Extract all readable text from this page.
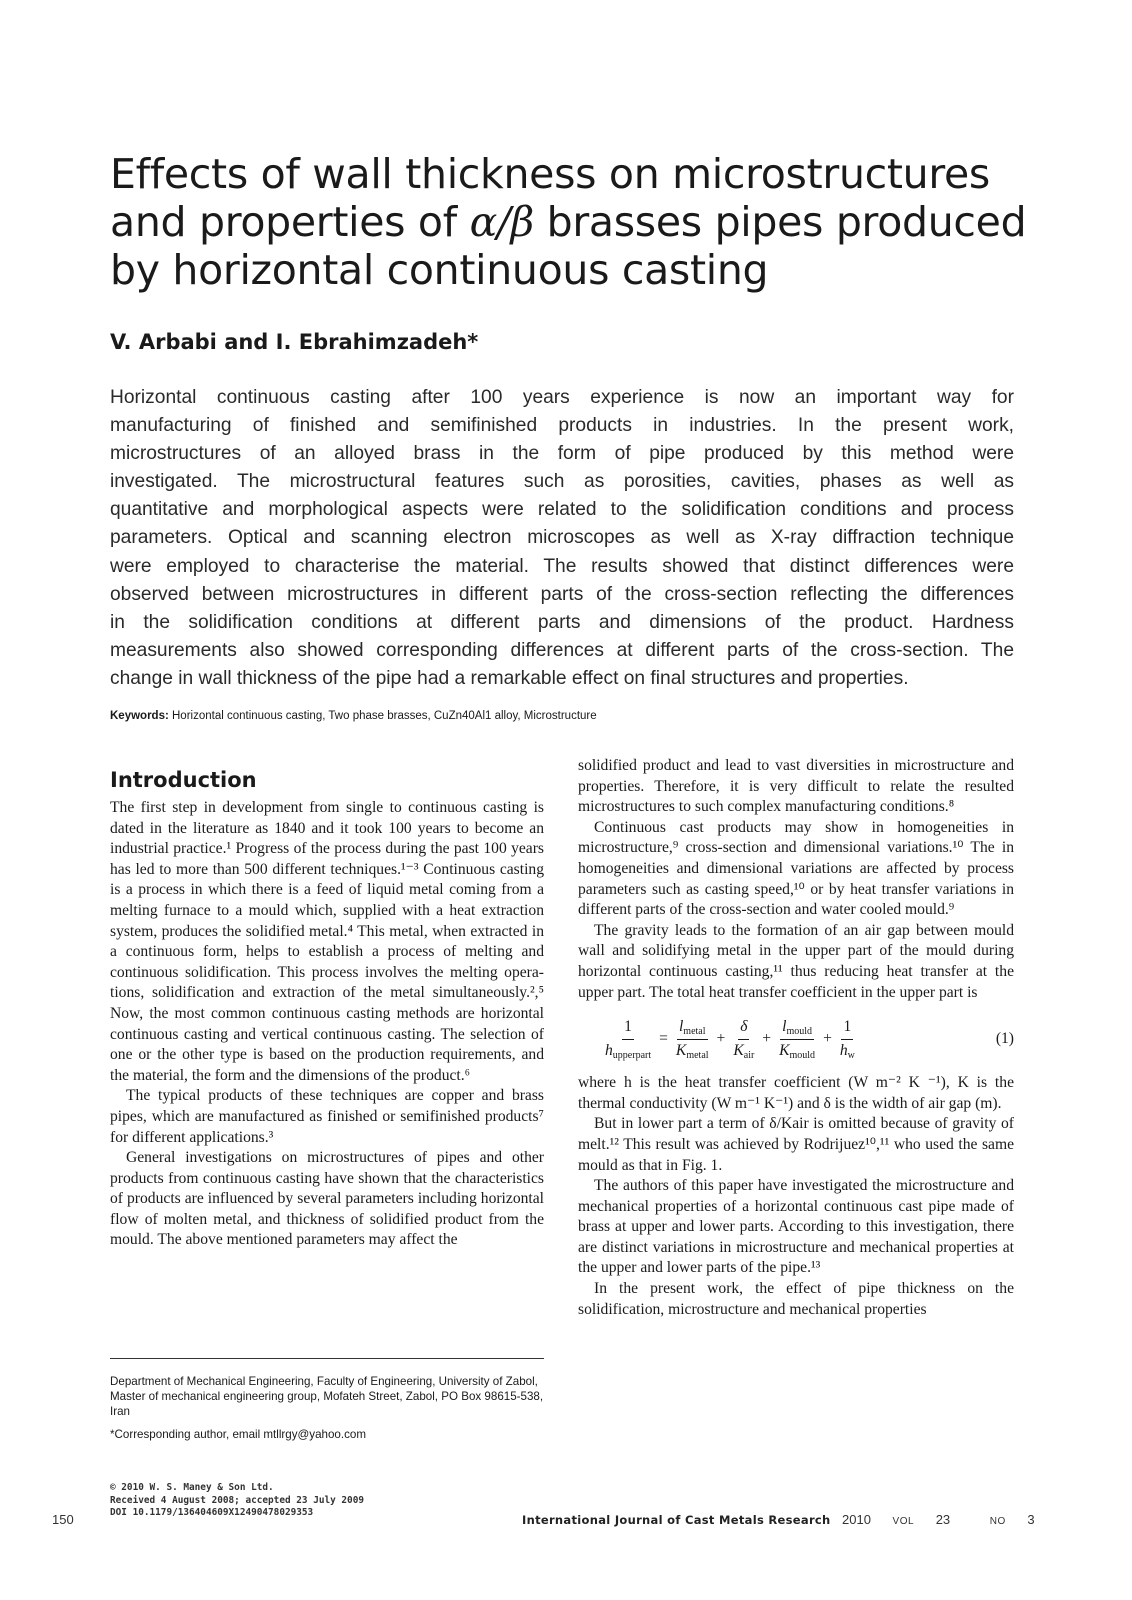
Effects of wall thickness on microstructures
and properties of α/β brasses pipes produced
by horizontal continuous casting
V. Arbabi and I. Ebrahimzadeh*
Horizontal continuous casting after 100 years experience is now an important way for
manufacturing of finished and semifinished products in industries. In the present work,
microstructures of an alloyed brass in the form of pipe produced by this method were
investigated. The microstructural features such as porosities, cavities, phases as well as
quantitative and morphological aspects were related to the solidification conditions and process
parameters. Optical and scanning electron microscopes as well as X-ray diffraction technique
were employed to characterise the material. The results showed that distinct differences were
observed between microstructures in different parts of the cross-section reflecting the differences
in the solidification conditions at different parts and dimensions of the product. Hardness
measurements also showed corresponding differences at different parts of the cross-section. The
change in wall thickness of the pipe had a remarkable effect on final structures and properties.
Keywords: Horizontal continuous casting, Two phase brasses, CuZn40Al1 alloy, Microstructure
Introduction

The first step in development from single to continuous casting is dated in the literature as 1840 and it took 100 years to become an industrial practice.¹ Progress of the process during the past 100 years has led to more than 500 different techniques.¹⁻³ Continuous casting is a process in which there is a feed of liquid metal coming from a melting furnace to a mould which, supplied with a heat extraction system, produces the solidified metal.⁴ This metal, when extracted in a continuous form, helps to establish a process of melting and continuous solidification. This process involves the melting operations, solidification and extraction of the metal simultaneously.²,⁵ Now, the most common continuous casting methods are horizontal continuous casting and vertical continuous casting. The selection of one or the other type is based on the production requirements, and the material, the form and the dimensions of the product.⁶

The typical products of these techniques are copper and brass pipes, which are manufactured as finished or semifinished products⁷ for different applications.³

General investigations on microstructures of pipes and other products from continuous casting have shown that the characteristics of products are influenced by several parameters including horizontal flow of molten metal, and thickness of solidified product from the mould. The above mentioned parameters may affect the

solidified product and lead to vast diversities in microstructure and properties. Therefore, it is very difficult to relate the resulted microstructures to such complex manufacturing conditions.⁸

Continuous cast products may show in homogeneities in microstructure,⁹ cross-section and dimensional variations.¹⁰ The in homogeneities and dimensional variations are affected by process parameters such as casting speed,¹⁰ or by heat transfer variations in different parts of the cross-section and water cooled mould.⁹

The gravity leads to the formation of an air gap between mould wall and solidifying metal in the upper part of the mould during horizontal continuous casting,¹¹ thus reducing heat transfer at the upper part. The total heat transfer coefficient in the upper part is

$\frac{1}{h_{upperpart}} = \frac{l_{metal}}{K_{metal}} + \frac{\delta}{K_{air}} + \frac{l_{mould}}{K_{mould}} + \frac{1}{h_w}$	(1)

where h is the heat transfer coefficient (W m⁻² K ⁻¹), K is the thermal conductivity (W m⁻¹ K⁻¹) and δ is the width of air gap (m).

But in lower part a term of δ/Kair is omitted because of gravity of melt.¹² This result was achieved by Rodrijuez¹⁰,¹¹ who used the same mould as that in Fig. 1.

The authors of this paper have investigated the microstructure and mechanical properties of a horizontal continuous cast pipe made of brass at upper and lower parts. According to this investigation, there are distinct variations in microstructure and mechanical properties at the upper and lower parts of the pipe.¹³

In the present work, the effect of pipe thickness on the solidification, microstructure and mechanical properties

Department of Mechanical Engineering, Faculty of Engineering, University of Zabol, Master of mechanical engineering group, Mofateh Street, Zabol, PO Box 98615-538, Iran

*Corresponding author, email mtllrgy@yahoo.com
© 2010 W. S. Maney & Son Ltd.
Received 4 August 2008; accepted 23 July 2009
DOI 10.1179/136404609X12490478029353
150	International Journal of Cast Metals Research 2010 VOL 23	NO 3
